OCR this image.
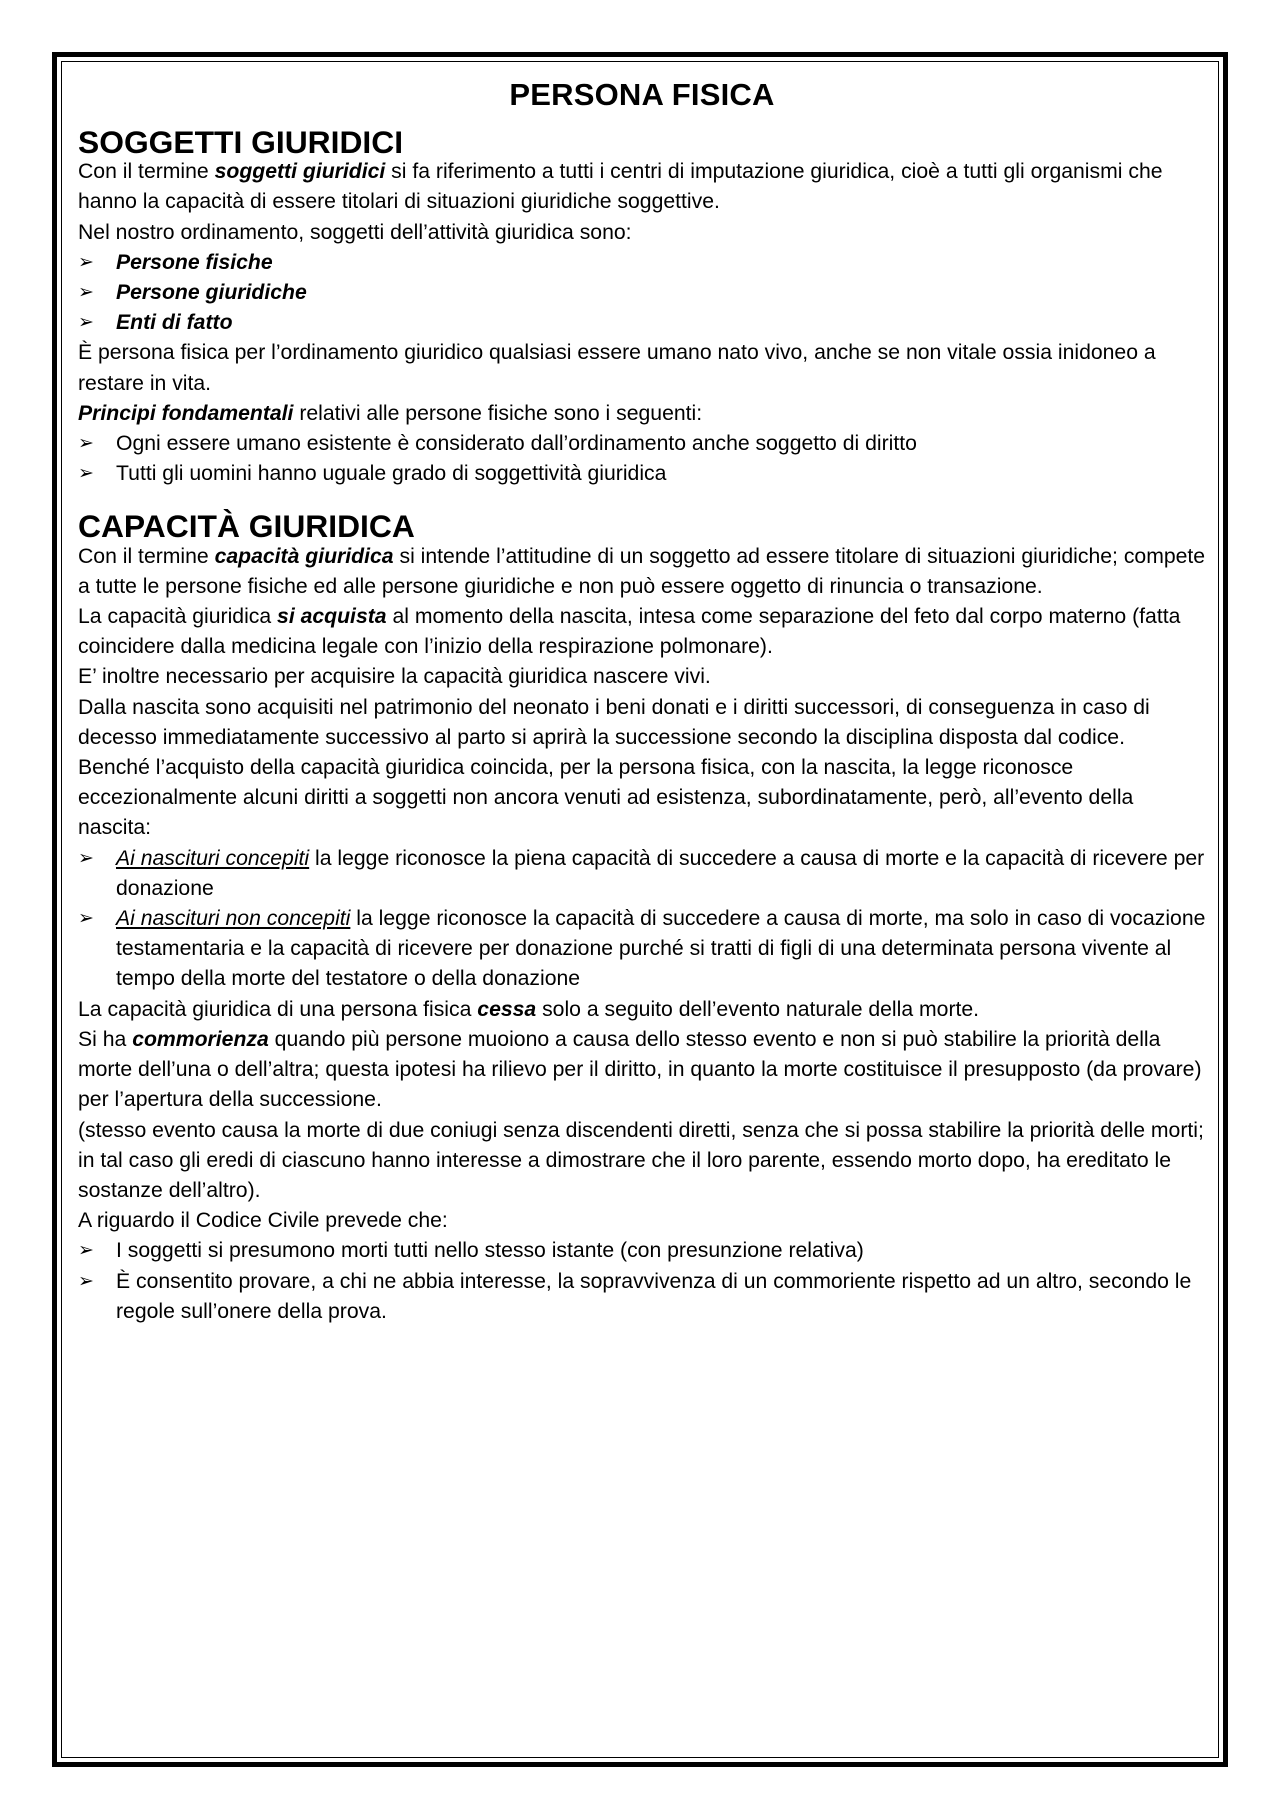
PERSONA FISICA
SOGGETTI GIURIDICI

Con il termine soggetti giuridici si fa riferimento a tutti i centri di imputazione giuridica, cioè a tutti gli organismi che hanno la capacità di essere titolari di situazioni giuridiche soggettive.

Nel nostro ordinamento, soggetti dell’attività giuridica sono:

➢	Persone fisiche
➢	Persone giuridiche
➢	Enti di fatto

È persona fisica per l’ordinamento giuridico qualsiasi essere umano nato vivo, anche se non vitale ossia inidoneo a restare in vita.

Principi fondamentali relativi alle persone fisiche sono i seguenti:

➢	Ogni essere umano esistente è considerato dall’ordinamento anche soggetto di diritto
➢	Tutti gli uomini hanno uguale grado di soggettività giuridica
CAPACITÀ GIURIDICA

Con il termine capacità giuridica si intende l’attitudine di un soggetto ad essere titolare di situazioni giuridiche; compete a tutte le persone fisiche ed alle persone giuridiche e non può essere oggetto di rinuncia o transazione.

La capacità giuridica si acquista al momento della nascita, intesa come separazione del feto dal corpo materno (fatta coincidere dalla medicina legale con l’inizio della respirazione polmonare).

E’ inoltre necessario per acquisire la capacità giuridica nascere vivi.

Dalla nascita sono acquisiti nel patrimonio del neonato i beni donati e i diritti successori, di conseguenza in caso di decesso immediatamente successivo al parto si aprirà la successione secondo la disciplina disposta dal codice.

Benché l’acquisto della capacità giuridica coincida, per la persona fisica, con la nascita, la legge riconosce eccezionalmente alcuni diritti a soggetti non ancora venuti ad esistenza, subordinatamente, però, all’evento della nascita:

➢	Ai nascituri concepiti la legge riconosce la piena capacità di succedere a causa di morte e la capacità di ricevere per donazione
➢	Ai nascituri non concepiti la legge riconosce la capacità di succedere a causa di morte, ma solo in caso di vocazione testamentaria e la capacità di ricevere per donazione purché si tratti di figli di una determinata persona vivente al tempo della morte del testatore o della donazione

La capacità giuridica di una persona fisica cessa solo a seguito dell’evento naturale della morte.

Si ha commorienza quando più persone muoiono a causa dello stesso evento e non si può stabilire la priorità della morte dell’una o dell’altra; questa ipotesi ha rilievo per il diritto, in quanto la morte costituisce il presupposto (da provare) per l’apertura della successione.

(stesso evento causa la morte di due coniugi senza discendenti diretti, senza che si possa stabilire la priorità delle morti; in tal caso gli eredi di ciascuno hanno interesse a dimostrare che il loro parente, essendo morto dopo, ha ereditato le sostanze dell’altro).

A riguardo il Codice Civile prevede che:

➢	I soggetti si presumono morti tutti nello stesso istante (con presunzione relativa)
➢	È consentito provare, a chi ne abbia interesse, la sopravvivenza di un commoriente rispetto ad un altro, secondo le regole sull’onere della prova.
